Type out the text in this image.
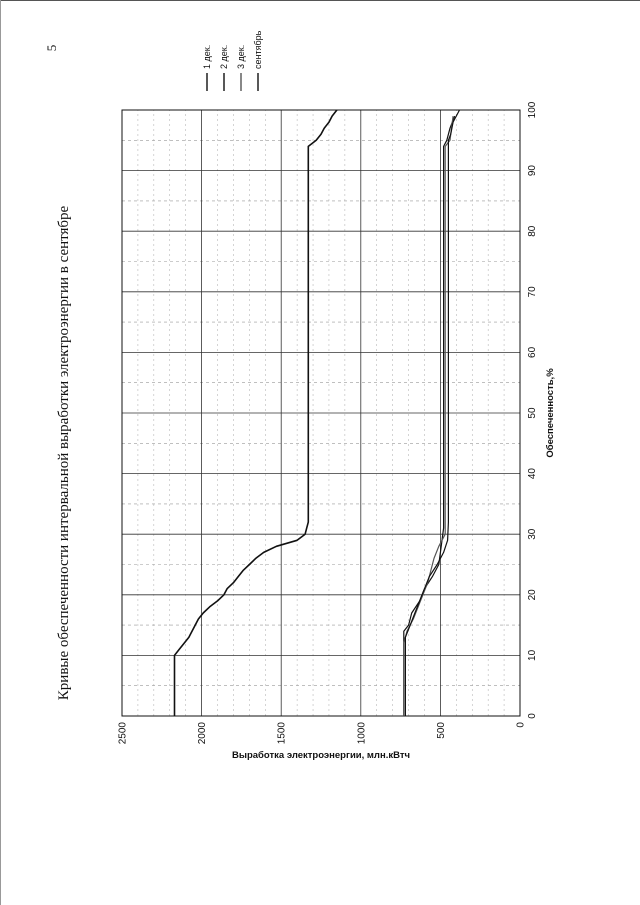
5
Кривые обеспеченности интервальной выработки электроэнергии в сентябре
0
10
20
30
40
50
60
70
80
90
100
0
500
1000
1500
2000
2500
Обеспеченность,%
Выработка электроэнергии, млн.кВтч
1 дек. 2 дек. 3 дек. сентябрь
